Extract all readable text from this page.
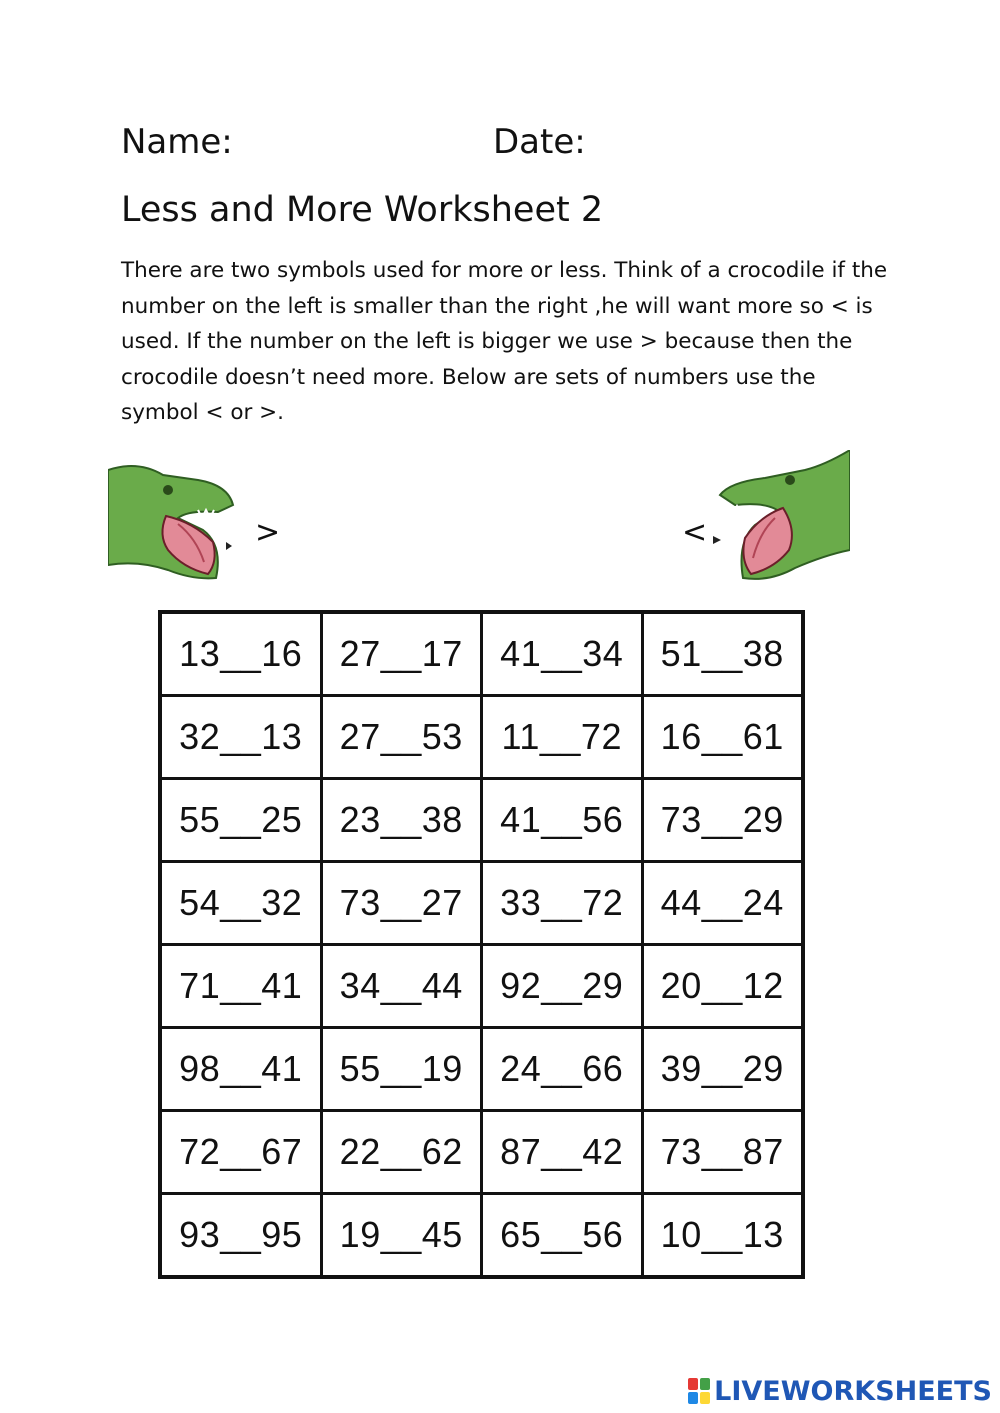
Name:	Date:
Less and More Worksheet 2

There are two symbols used for more or less. Think of a crocodile if the number on the left is smaller than the right ,he will want more so < is used. If the number on the left is bigger we use > because then the crocodile doesn’t need more. Below are sets of numbers use the symbol < or >.

>	<
13__16	27__17	41__34	51__38
32__13	27__53	11__72	16__61
55__25	23__38	41__56	73__29
54__32	73__27	33__72	44__24
71__41	34__44	92__29	20__12
98__41	55__19	24__66	39__29
72__67	22__62	87__42	73__87
93__95	19__45	65__56	10__13
LIVEWORKSHEETS
